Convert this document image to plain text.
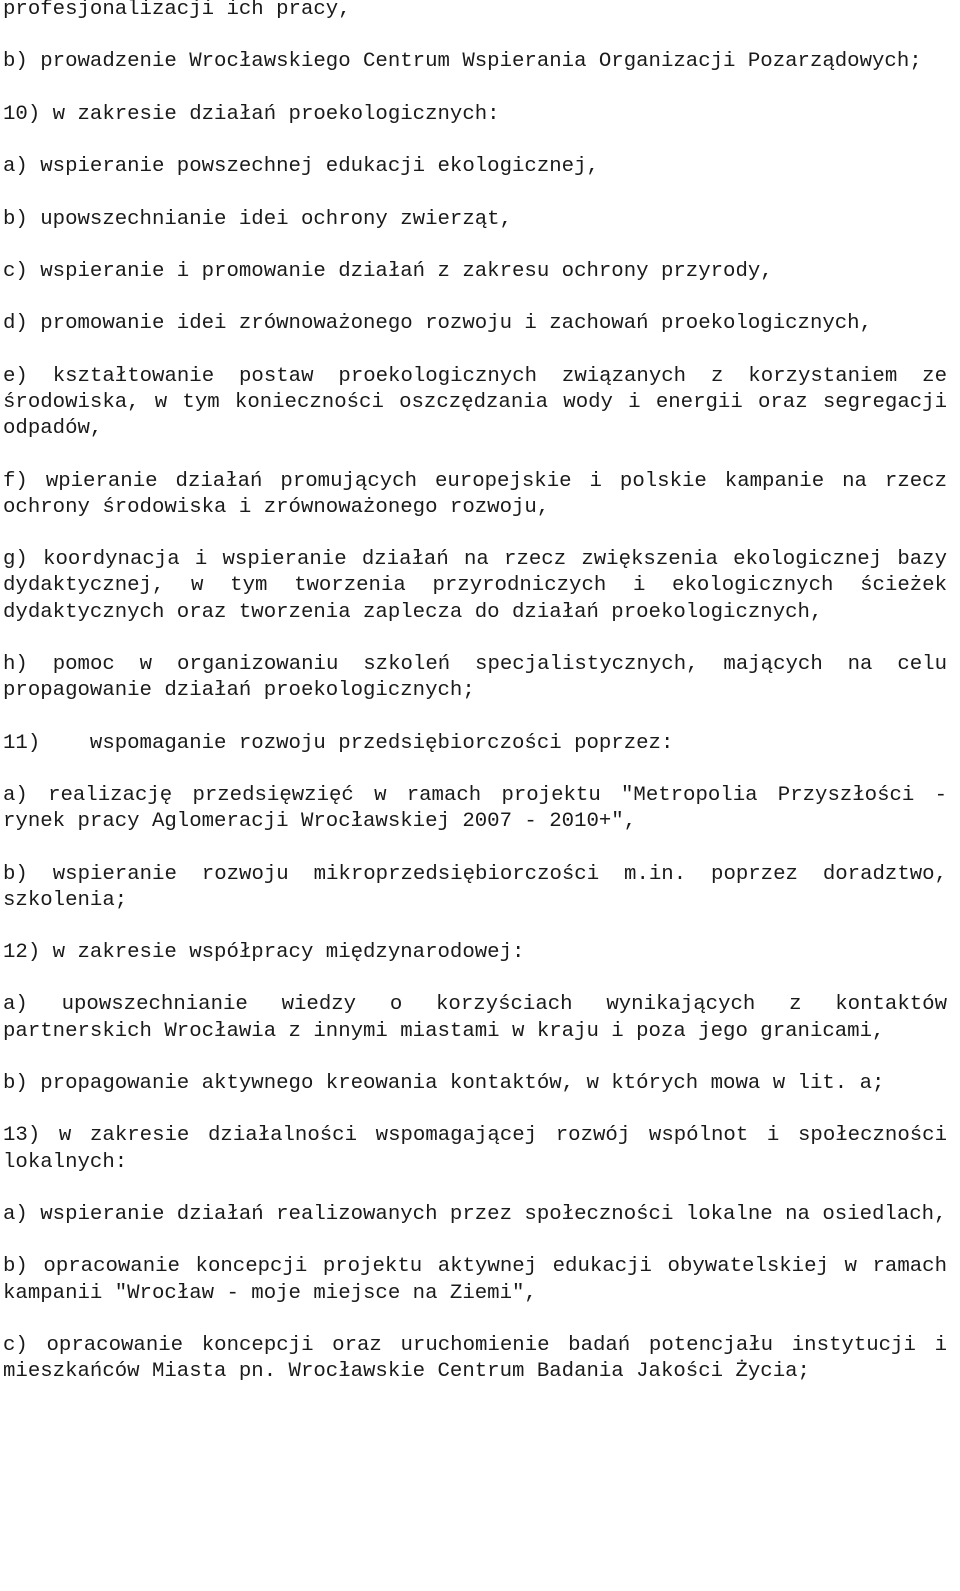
profesjonalizacji ich pracy,

b) prowadzenie Wrocławskiego Centrum Wspierania Organizacji Pozarządowych;

10) w zakresie działań proekologicznych:

a) wspieranie powszechnej edukacji ekologicznej,

b) upowszechnianie idei ochrony zwierząt,

c) wspieranie i promowanie działań z zakresu ochrony przyrody,

d) promowanie idei zrównoważonego rozwoju i zachowań proekologicznych,

e) kształtowanie postaw proekologicznych związanych z korzystaniem ze środowiska, w tym konieczności oszczędzania wody i energii oraz segregacji odpadów,

f) wpieranie działań promujących europejskie i polskie kampanie na rzecz ochrony środowiska i zrównoważonego rozwoju,

g) koordynacja i wspieranie działań na rzecz zwiększenia ekologicznej bazy dydaktycznej, w tym tworzenia przyrodniczych i ekologicznych ścieżek dydaktycznych oraz tworzenia zaplecza do działań proekologicznych,

h) pomoc w organizowaniu szkoleń specjalistycznych, mających na celu propagowanie działań proekologicznych;

11)    wspomaganie rozwoju przedsiębiorczości poprzez:

a) realizację przedsięwzięć w ramach projektu "Metropolia Przyszłości - rynek pracy Aglomeracji Wrocławskiej 2007 - 2010+",

b) wspieranie rozwoju mikroprzedsiębiorczości m.in. poprzez doradztwo, szkolenia;

12) w zakresie współpracy międzynarodowej:

a) upowszechnianie wiedzy o korzyściach wynikających z kontaktów partnerskich Wrocławia z innymi miastami w kraju i poza jego granicami,

b) propagowanie aktywnego kreowania kontaktów, w których mowa w lit. a;

13) w zakresie działalności wspomagającej rozwój wspólnot i społeczności lokalnych:

a) wspieranie działań realizowanych przez społeczności lokalne na osiedlach,

b) opracowanie koncepcji projektu aktywnej edukacji obywatelskiej w ramach kampanii "Wrocław - moje miejsce na Ziemi",

c) opracowanie koncepcji oraz uruchomienie badań potencjału instytucji i mieszkańców Miasta pn. Wrocławskie Centrum Badania Jakości Życia;
